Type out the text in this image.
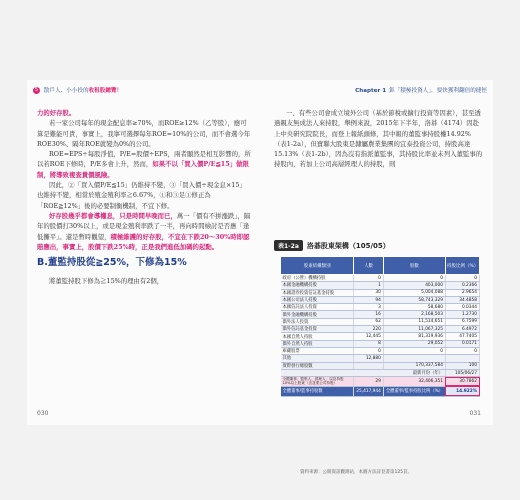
5 散戶人、小小投的收租股總覽！

力的好存股。

若一家公司每年的現金配息率≥70%，而ROE≥12%（乙等股），應可算是難能可貴，事實上，我寧可選擇每年ROE=10%的公司，而不會選今年ROE30%、隔年ROE就變為0%的公司。

ROE=EPS÷每股淨值，P/E=股價÷EPS，兩者顯然是相互影響的，所以若ROE下修時，P/E多會上升，然而，如果不以「買入價P/E≦15」做限制，將導致複查貴價風險。

因此，②「買入價P/E≦15」仍維持不變，③「買入價÷現金息×15」也維持不變，相當於殖金殖利率≧6.67%，①和③足①修正為「ROE≧12%」後的必要制衡機制，不宜下修。

好存股幾乎都會導權息，只是時間早晚而已，萬一「價有不拼漲跌」，隔年的股價打30%以上，或是現金殖利率跌了一半，再向時間檢討是否應「逢低攤平」。還是暫時觀望，積極維護的好存股，不宜在下跌20～30%時即認賠應出，事實上，股價下跌25%時，正是我們進低加碼的起點。

B.董監持股從≧25%，下修為15%

將董監持股下修為≧15%的理由有2個，

030
Chapter 1 鉅「積極投資人」，要快獲利翻倍的捷徑

一、有些公司會成立境外公司（基於節稅或擴行投資等因素），甚至透過親友無成法人來持股，舉例來說，2015年下半年，洛碁（4174）因赴上中央研究院院長，而登上報紙頭條，其中報的董監事持股權14.92%（表1-2a），但寶聯大股東是隸屬農業集團的宜泰投資公司，持股高達15.13%（表1-2b），因為沒有指派董監事，其持股比率並未列入董監事的持股內，若加上公司高層經理人的持股，則

表1-2a	洛碁股東架構（105/05）
股東結構類別	人數	股數	持股比例（%）
政府（公營）機構持股	0	0	0
本國金融機構持股	1	403,000	0.2366
本國證券投資信託基金持股	30	5,004,088	2.9654
本國公司法人持股	94	58,743,329	34.4858
本國信託法人投資	3	58,680	0.0344
僑外金融機構持股	16	2,168,503	1.2730
僑外法人投資	62	11,514,651	6.7599
僑外信託基金投資	220	11,067,325	6.4972
本國自然人持股	12,445	81,319,936	47.7405
僑外自然人持股	8	29,052	0.0171
庫藏股票	0	0	0
其他	12,880		
實際發行總股數		170,337,584	100
最新月份（年）			105/06/27
全體董事、監察人、經理人、以及持股10%以上股東（含並業公司持股）	29	32,406,351	30.7862
全體董事/監事持股數	25,417,944	全體董事/監事持股比例（%）	14.922%
資料來源：公開資訊觀測站，本圖方法詳見書第125頁。
031
